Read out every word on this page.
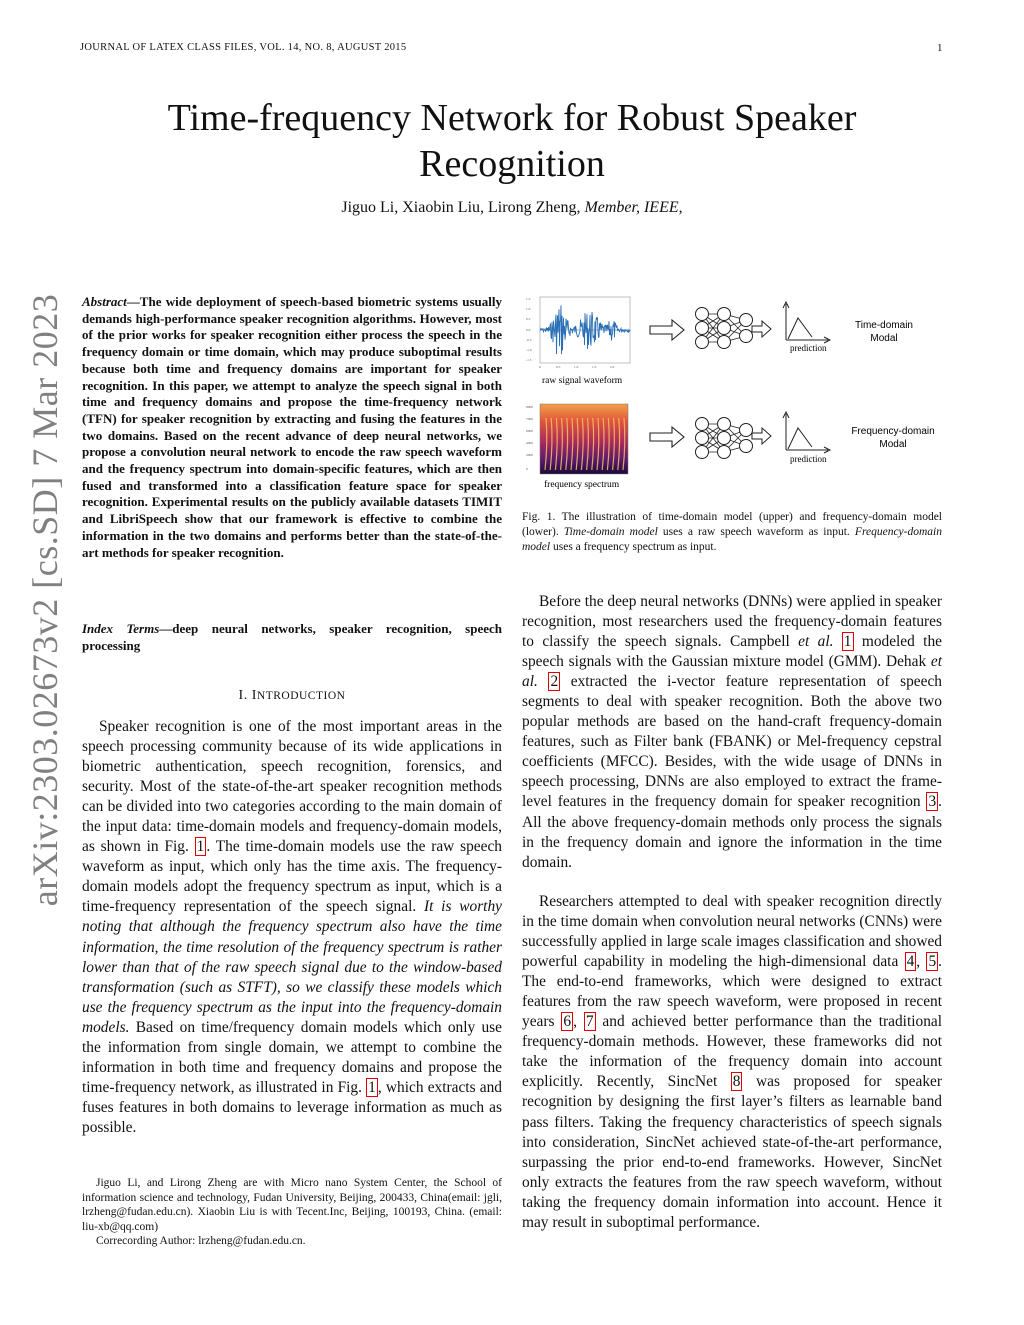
JOURNAL OF LATEX CLASS FILES, VOL. 14, NO. 8, AUGUST 2015	1
Time-frequency Network for Robust Speaker Recognition
Jiguo Li, Xiaobin Liu, Lirong Zheng, Member, IEEE,
arXiv:2303.02673v2 [cs.SD] 7 Mar 2023 Abstract—The wide deployment of speech-based biometric systems usually demands high-performance speaker recognition algorithms. However, most of the prior works for speaker recognition either process the speech in the frequency domain or time domain, which may produce suboptimal results because both time and frequency domains are important for speaker recognition. In this paper, we attempt to analyze the speech signal in both time and frequency domains and propose the time-frequency network (TFN) for speaker recognition by extracting and fusing the features in the two domains. Based on the recent advance of deep neural networks, we propose a convolution neural network to encode the raw speech waveform and the frequency spectrum into domain-specific features, which are then fused and transformed into a classification feature space for speaker recognition. Experimental results on the publicly available datasets TIMIT and LibriSpeech show that our framework is effective to combine the information in the two domains and performs better than the state-of-the-art methods for speaker recognition.
Index Terms—deep neural networks, speaker recognition, speech processing
I. INTRODUCTION

Speaker recognition is one of the most important areas in the speech processing community because of its wide applications in biometric authentication, speech recognition, forensics, and security. Most of the state-of-the-art speaker recognition methods can be divided into two categories according to the main domain of the input data: time-domain models and frequency-domain models, as shown in Fig. 1 . The time-domain models use the raw speech waveform as input, which only has the time axis. The frequency-domain models adopt the frequency spectrum as input, which is a time-frequency representation of the speech signal. It is worthy noting that although the frequency spectrum also have the time information, the time resolution of the frequency spectrum is rather lower than that of the raw speech signal due to the window-based transformation (such as STFT), so we classify these models which use the frequency spectrum as the input into the frequency-domain models. Based on time/frequency domain models which only use the information from single domain, we attempt to combine the information in both time and frequency domains and propose the time-frequency network, as illustrated in Fig. 1 , which extracts and fuses features in both domains to leverage information as much as possible.

Jiguo Li, and Lirong Zheng are with Micro nano System Center, the School of information science and technology, Fudan University, Beijing, 200433, China(email: jgli, lrzheng@fudan.edu.cn). Xiaobin Liu is with Tecent.Inc, Beijing, 100193, China. (email: liu-xb@qq.com)

Correcording Author: lrzheng@fudan.edu.cn.

1.5
1.0
0.5
0.0
-0.5
-1.0
-1.5
0	0.5	1.0	1.5	2.0
raw signal waveform
8000
7000
6000
4000
2000
0
frequency spectrum
prediction
Time-domain
Modal
prediction
Frequency-domain
Modal
Fig. 1. The illustration of time-domain model (upper) and frequency-domain model (lower). Time-domain model uses a raw speech waveform as input. Frequency-domain model uses a frequency spectrum as input.

Before the deep neural networks (DNNs) were applied in speaker recognition, most researchers used the frequency-domain features to classify the speech signals. Campbell et al. 1 modeled the speech signals with the Gaussian mixture model (GMM). Dehak et al. 2 extracted the i-vector feature representation of speech segments to deal with speaker recognition. Both the above two popular methods are based on the hand-craft frequency-domain features, such as Filter bank (FBANK) or Mel-frequency cepstral coefficients (MFCC). Besides, with the wide usage of DNNs in speech processing, DNNs are also employed to extract the frame-level features in the frequency domain for speaker recognition 3 . All the above frequency-domain methods only process the signals in the frequency domain and ignore the information in the time domain.

Researchers attempted to deal with speaker recognition directly in the time domain when convolution neural networks (CNNs) were successfully applied in large scale images classification and showed powerful capability in modeling the high-dimensional data 4 , 5 . The end-to-end frameworks, which were designed to extract features from the raw speech waveform, were proposed in recent years 6 , 7 and achieved better performance than the traditional frequency-domain methods. However, these frameworks did not take the information of the frequency domain into account explicitly. Recently, SincNet 8 was proposed for speaker recognition by designing the first layer’s filters as learnable band pass filters. Taking the frequency characteristics of speech signals into consideration, SincNet achieved state-of-the-art performance, surpassing the prior end-to-end frameworks. However, SincNet only extracts the features from the raw speech waveform, without taking the frequency domain information into account. Hence it may result in suboptimal performance.
